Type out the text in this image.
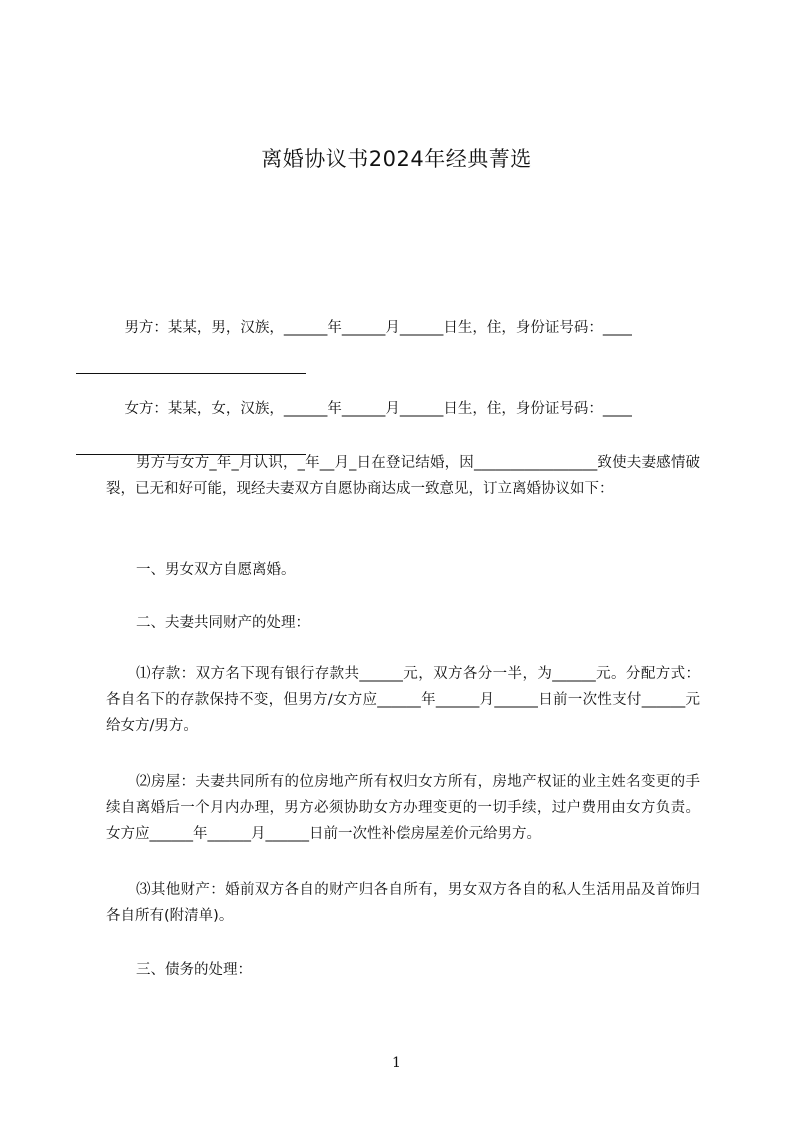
离婚协议书2024年经典菁选

男方：某某，男，汉族，______年______月______日生，住，身份证号码：____

女方：某某，女，汉族，______年______月______日生，住，身份证号码：____

男方与女方_年_月认识，_年__月_日在登记结婚，因_________________致使夫妻感情破裂，已无和好可能，现经夫妻双方自愿协商达成一致意见，订立离婚协议如下：

一、男女双方自愿离婚。

二、夫妻共同财产的处理：

⑴存款：双方名下现有银行存款共______元，双方各分一半，为______元。分配方式：各自名下的存款保持不变，但男方/女方应______年______月______日前一次性支付______元给女方/男方。

⑵房屋：夫妻共同所有的位房地产所有权归女方所有，房地产权证的业主姓名变更的手续自离婚后一个月内办理，男方必须协助女方办理变更的一切手续，过户费用由女方负责。女方应______年______月______日前一次性补偿房屋差价元给男方。

⑶其他财产：婚前双方各自的财产归各自所有，男女双方各自的私人生活用品及首饰归各自所有(附清单)。

三、债务的处理：

1
